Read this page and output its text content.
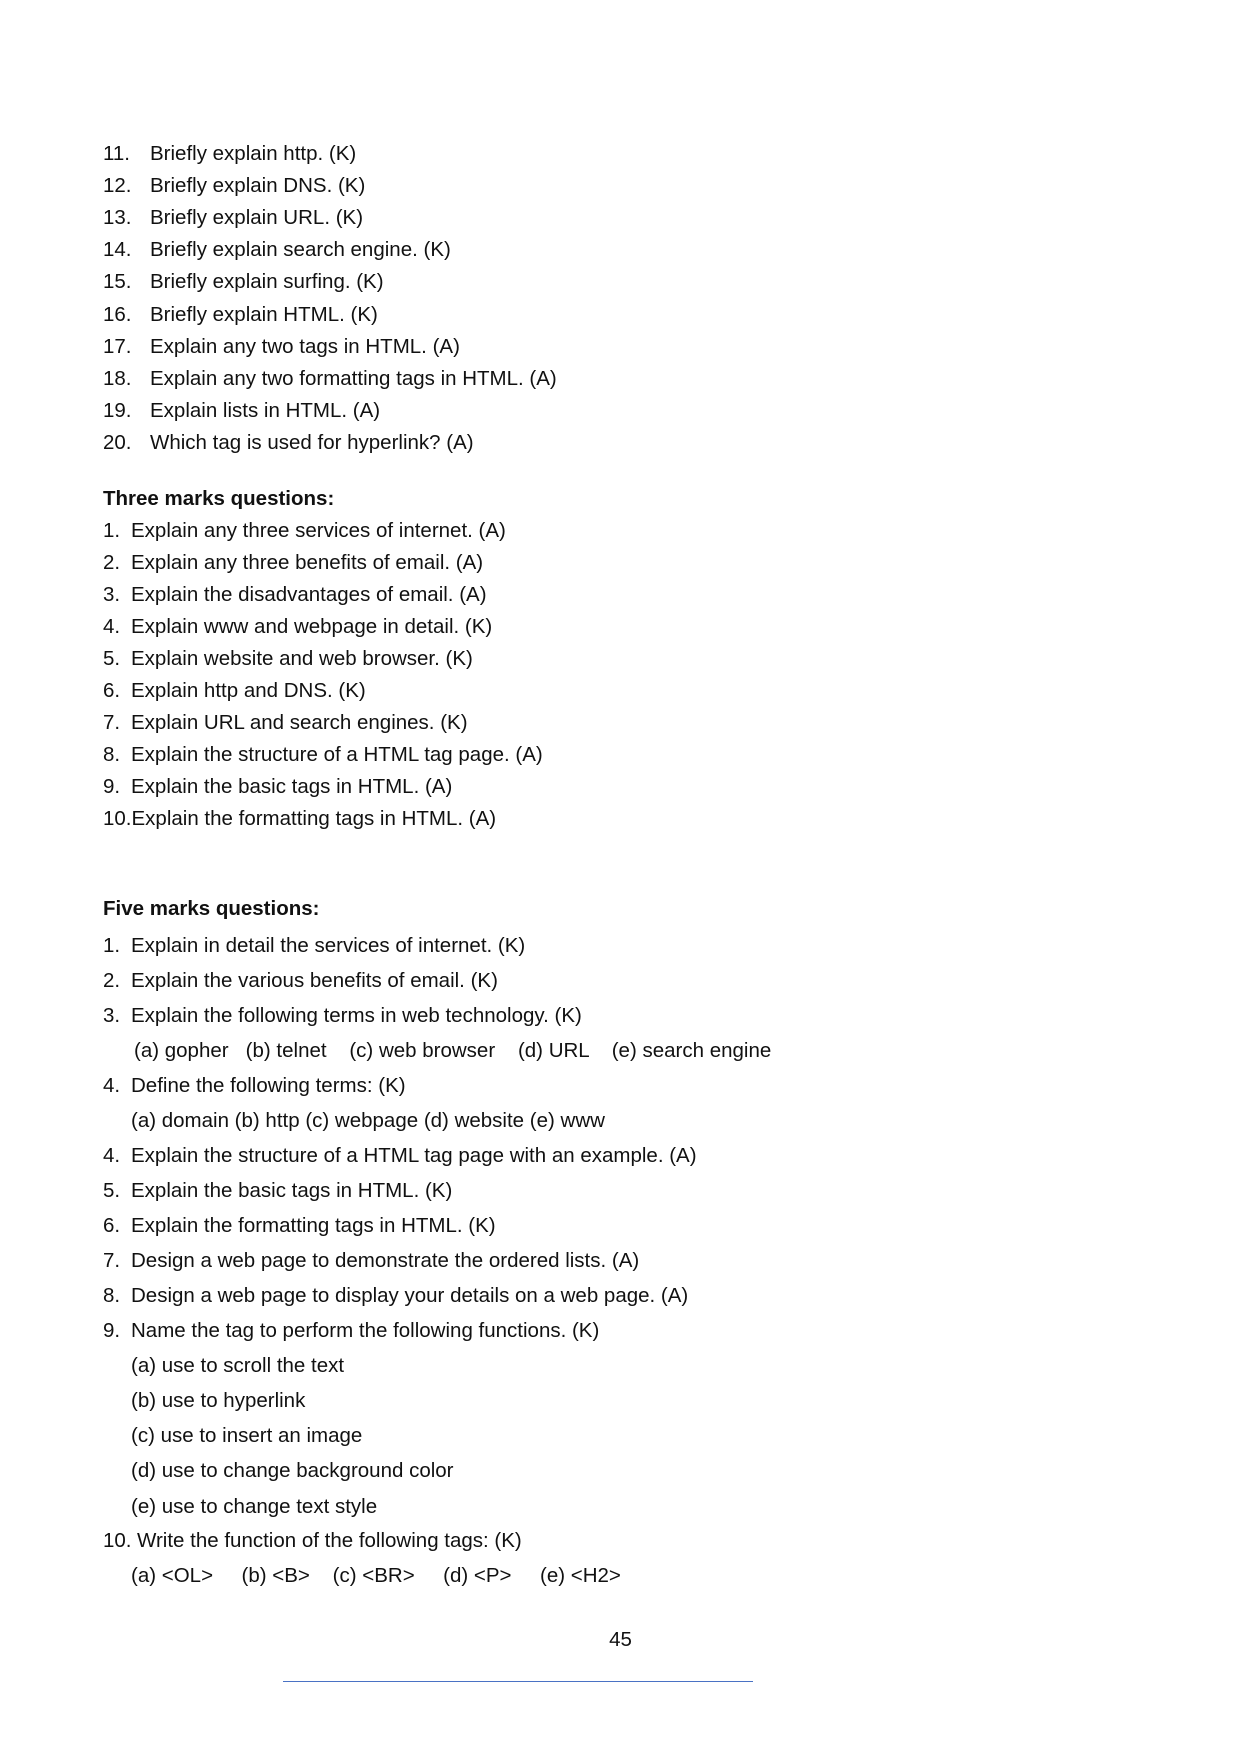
11. Briefly explain http. (K)
12. Briefly explain DNS. (K)
13. Briefly explain URL. (K)
14. Briefly explain search engine. (K)
15. Briefly explain surfing. (K)
16. Briefly explain HTML. (K)
17. Explain any two tags in HTML. (A)
18. Explain any two formatting tags in HTML. (A)
19. Explain lists in HTML. (A)
20. Which tag is used for hyperlink? (A)
Three marks questions:
1. Explain any three services of internet. (A)
2. Explain any three benefits of email. (A)
3. Explain the disadvantages of email. (A)
4. Explain www and webpage in detail. (K)
5. Explain website and web browser. (K)
6. Explain http and DNS. (K)
7. Explain URL and search engines. (K)
8. Explain the structure of a HTML tag page. (A)
9. Explain the basic tags in HTML. (A)
10.Explain the formatting tags in HTML. (A)
Five marks questions:
1. Explain in detail the services of internet. (K)
2. Explain the various benefits of email. (K)
3. Explain the following terms in web technology. (K)
(a) gopher   (b) telnet    (c) web browser    (d) URL    (e) search engine
4. Define the following terms: (K)
(a) domain (b) http (c) webpage (d) website (e) www
4. Explain the structure of a HTML tag page with an example. (A)
5. Explain the basic tags in HTML. (K)
6. Explain the formatting tags in HTML. (K)
7. Design a web page to demonstrate the ordered lists. (A)
8. Design a web page to display your details on a web page. (A)
9. Name the tag to perform the following functions. (K)
(a) use to scroll the text
(b) use to hyperlink
(c) use to insert an image
(d) use to change background color
(e) use to change text style
10. Write the function of the following tags: (K)
(a) <OL>     (b) <B>    (c) <BR>     (d) <P>     (e) <H2>
45
